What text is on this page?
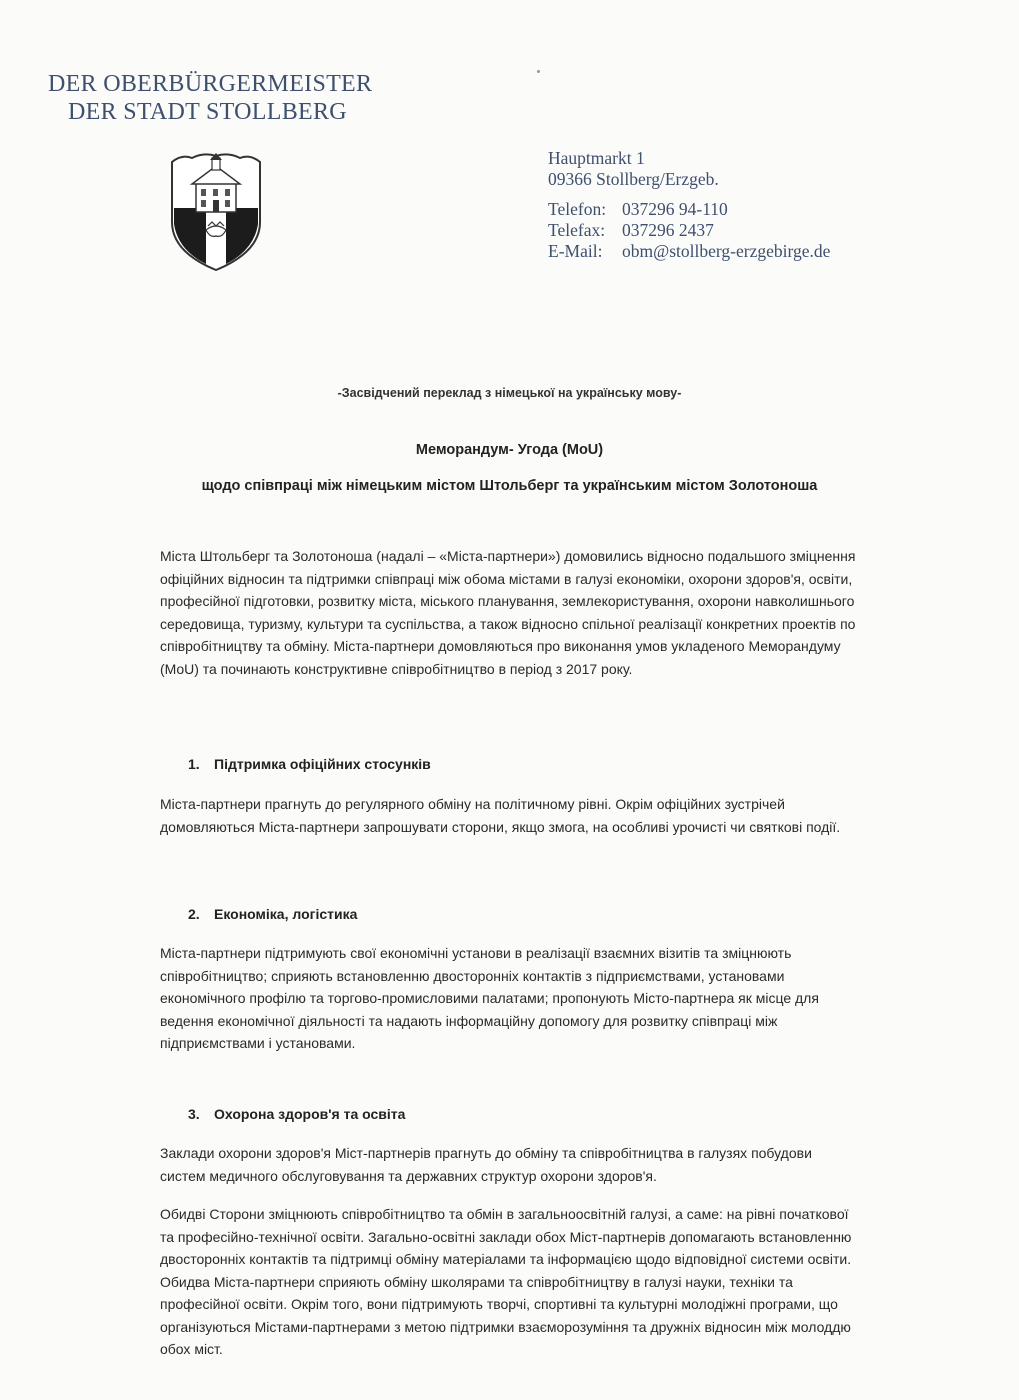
DER OBERBÜRGERMEISTER
DER STADT STOLLBERG
Hauptmarkt 1
09366 Stollberg/Erzgeb.
Telefon: 037296 94-110
Telefax: 037296 2437
E-Mail:	obm@stollberg-erzgebirge.de
-Засвідчений переклад з німецької на українську мову-
Меморандум- Угода (MoU)
щодо співпраці між німецьким містом Штольберг та українським містом Золотоноша

Міста Штольберг та Золотоноша (надалі – «Міста-партнери») домовились відносно подальшого зміцнення офіційних відносин та підтримки співпраці між обома містами в галузі економіки, охорони здоров'я, освіти, професійної підготовки, розвитку міста, міського планування, землекористування, охорони навколишнього середовища, туризму, культури та суспільства, а також відносно спільної реалізації конкретних проектів по співробітництву та обміну. Міста-партнери домовляються про виконання умов укладеного Меморандуму (MoU) та починають конструктивне співробітництво в період з 2017 року.

1. Підтримка офіційних стосунків

Міста-партнери прагнуть до регулярного обміну на політичному рівні. Окрім офіційних зустрічей домовляються Міста-партнери запрошувати сторони, якщо змога, на особливі урочисті чи святкові події.

2. Економіка, логістика

Міста-партнери підтримують свої економічні установи в реалізації взаємних візитів та зміцнюють співробітництво; сприяють встановленню двосторонніх контактів з підприємствами, установами економічного профілю та торгово-промисловими палатами; пропонують Місто-партнера як місце для ведення економічної діяльності та надають інформаційну допомогу для розвитку співпраці між підприємствами і установами.

3. Охорона здоров'я та освіта

Заклади охорони здоров'я Міст-партнерів прагнуть до обміну та співробітництва в галузях побудови систем медичного обслуговування та державних структур охорони здоров'я.

Обидві Сторони зміцнюють співробітництво та обмін в загальноосвітній галузі, а саме: на рівні початкової та професійно-технічної освіти. Загально-освітні заклади обох Міст-партнерів допомагають встановленню двосторонніх контактів та підтримці обміну матеріалами та інформацією щодо відповідної системи освіти. Обидва Міста-партнери сприяють обміну школярами та співробітництву в галузі науки, техніки та професійної освіти. Окрім того, вони підтримують творчі, спортивні та культурні молодіжні програми, що організуються Містами-партнерами з метою підтримки взаєморозуміння та дружніх відносин між молоддю обох міст.
